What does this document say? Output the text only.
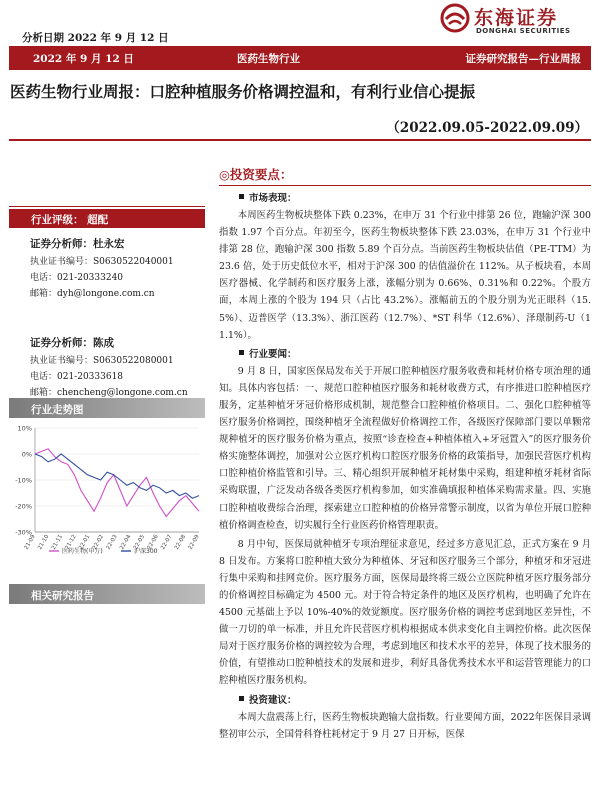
东海证券
DONGHAI SECURITIES
2022 年 9 月 12 日	医药生物行业	证券研究报告—行业周报
医药生物行业周报：口腔种植服务价格调控温和，有利行业信心提振
（2022.09.05-2022.09.09）
分析日期 2022 年 9 月 12 日
行业评级： 超配
证券分析师：杜永宏
执业证书编号：S0630522040001
电话：021-20333240
邮箱：dyh@longone.com.cn
证券分析师：陈成
执业证书编号：S0630522080001
电话：021-20333618
邮箱：chencheng@longone.com.cn
行业走势图
10%
0%
-10%
-20%
-30%
21-09 21-10 21-11 21-12 22-01 22-02 22-03 22-04 22-05 22-06 22-07 22-08 22-09
医药生物(申万)	沪深300
相关研究报告
◎投资要点：
市场表现：

本周医药生物板块整体下跌 0.23%，在申万 31 个行业中排第 26 位，跑输沪深 300 指数 1.97 个百分点。年初至今，医药生物板块整体下跌 23.03%，在申万 31 个行业中排第 28 位，跑输沪深 300 指数 5.89 个百分点。当前医药生物板块估值（PE-TTM）为 23.6 倍，处于历史低位水平，相对于沪深 300 的估值溢价在 112%。从子板块看，本周医疗器械、化学制药和医疗服务上涨，涨幅分别为 0.66%、0.31%和 0.22%。个股方面，本周上涨的个股为 194 只（占比 43.2%）。涨幅前五的个股分别为光正眼科（15.5%）、迈普医学（13.3%）、浙江医药（12.7%）、*ST 科华（12.6%）、泽璟制药-U（11.1%）。

行业要闻：

9 月 8 日，国家医保局发布关于开展口腔种植医疗服务收费和耗材价格专项治理的通知。具体内容包括：一、规范口腔种植医疗服务和耗材收费方式，有序推进口腔种植医疗服务，定基种植牙牙冠价格形成机制，规范整合口腔种植价格项目。二、强化口腔种植等医疗服务价格调控，围绕种植牙全流程做好价格调控工作，各级医疗保障部门要以单颗常规种植牙的医疗服务价格为重点，按照“诊查检查+种植体植入+牙冠置入”的医疗服务价格实施整体调控，加强对公立医疗机构口腔医疗服务价格的政策指导，加强民营医疗机构口腔种植价格监管和引导。三、精心组织开展种植牙耗材集中采购，组建种植牙耗材省际采购联盟，广泛发动各级各类医疗机构参加，如实准确填报种植体采购需求量。四、实施口腔种植收费综合治理，探索建立口腔种植的价格异常警示制度，以省为单位开展口腔种植价格调查检查，切实履行全行业医药价格管理职责。

8 月中旬，医保局就种植牙专项治理征求意见，经过多方意见汇总，正式方案在 9 月 8 日发布。方案将口腔种植大致分为种植体、牙冠和医疗服务三个部分，种植牙和牙冠进行集中采购和挂网竞价。医疗服务方面，医保局最终将三级公立医院种植牙医疗服务部分的价格调控目标确定为 4500 元。对于符合特定条件的地区及医疗机构，也明确了允许在 4500 元基础上予以 10%-40%的效觉额度。医疗服务价格的调控考虑到地区差异性，不做一刀切的单一标准，并且允许民营医疗机构根据成本供求变化自主调控价格。此次医保局对于医疗服务价格的调控较为合理，考虑到地区和技术水平的差异，体现了技术服务的价值，有望推动口腔种植技术的发展和进步，利好具备优秀技术水平和运营管理能力的口腔种植医疗服务机构。

投资建议：

本周大盘震荡上行，医药生物板块跑输大盘指数。行业要闻方面，2022年医保目录调整初审公示，全国骨科脊柱耗材定于 9 月 27 日开标，医保
